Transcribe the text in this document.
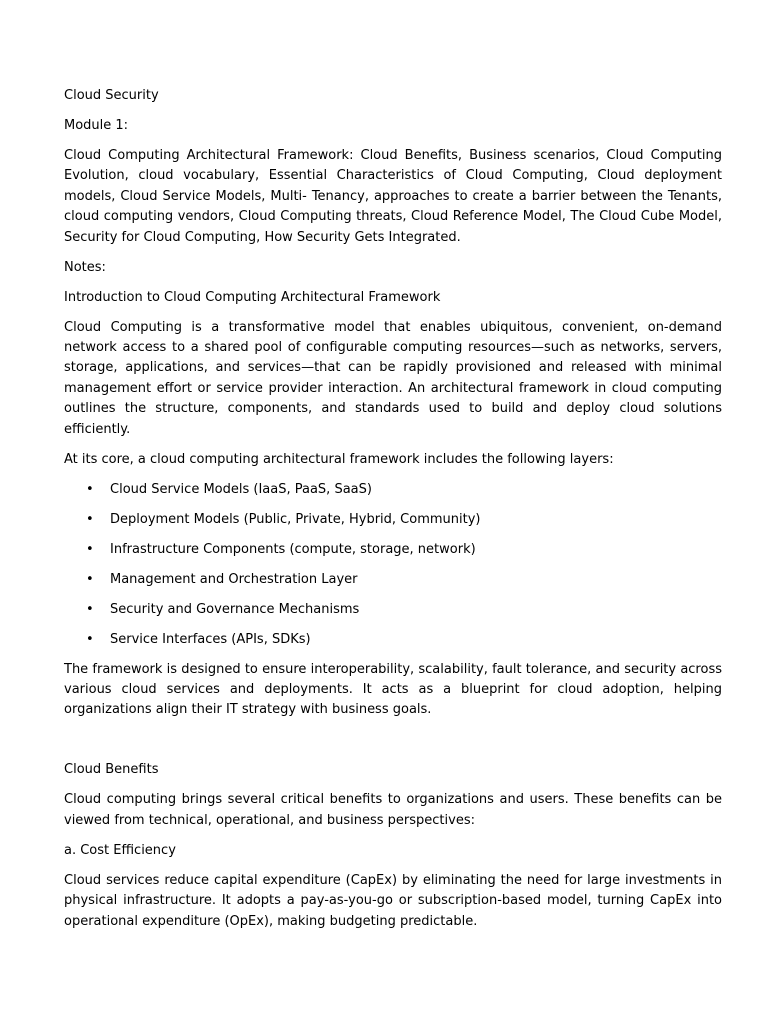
Cloud Security

Module 1:

Cloud Computing Architectural Framework: Cloud Benefits, Business scenarios, Cloud Computing Evolution, cloud vocabulary, Essential Characteristics of Cloud Computing, Cloud deployment models, Cloud Service Models, Multi- Tenancy, approaches to create a barrier between the Tenants, cloud computing vendors, Cloud Computing threats, Cloud Reference Model, The Cloud Cube Model, Security for Cloud Computing, How Security Gets Integrated.

Notes:

Introduction to Cloud Computing Architectural Framework

Cloud Computing is a transformative model that enables ubiquitous, convenient, on-demand network access to a shared pool of configurable computing resources—such as networks, servers, storage, applications, and services—that can be rapidly provisioned and released with minimal management effort or service provider interaction. An architectural framework in cloud computing outlines the structure, components, and standards used to build and deploy cloud solutions efficiently.

At its core, a cloud computing architectural framework includes the following layers:

• Cloud Service Models (IaaS, PaaS, SaaS)
• Deployment Models (Public, Private, Hybrid, Community)
• Infrastructure Components (compute, storage, network)
• Management and Orchestration Layer
• Security and Governance Mechanisms
• Service Interfaces (APIs, SDKs)

The framework is designed to ensure interoperability, scalability, fault tolerance, and security across various cloud services and deployments. It acts as a blueprint for cloud adoption, helping organizations align their IT strategy with business goals.

Cloud Benefits

Cloud computing brings several critical benefits to organizations and users. These benefits can be viewed from technical, operational, and business perspectives:

a. Cost Efficiency

Cloud services reduce capital expenditure (CapEx) by eliminating the need for large investments in physical infrastructure. It adopts a pay-as-you-go or subscription-based model, turning CapEx into operational expenditure (OpEx), making budgeting predictable.
